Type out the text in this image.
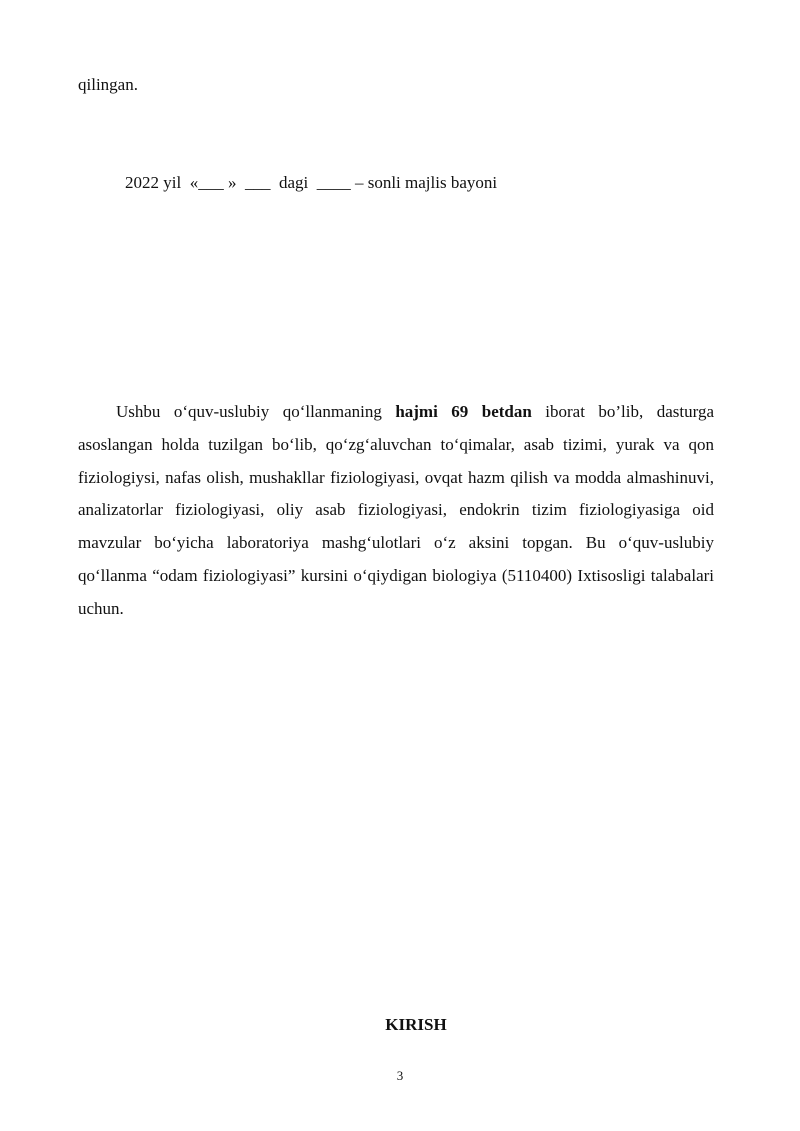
qilingan.
2022 yil  «___ »  ___  dagi  ____ – sonli majlis bayoni

Ushbu o‘quv-uslubiy qo‘llanmaning hajmi 69 betdan iborat bo’lib, dasturga asoslangan holda tuzilgan bo‘lib, qo‘zg‘aluvchan to‘qimalar, asab tizimi, yurak va qon fiziologiysi, nafas olish, mushakllar fiziologiyasi, ovqat hazm qilish va modda almashinuvi, analizatorlar fiziologiyasi, oliy asab fiziologiyasi, endokrin tizim fiziologiyasiga oid mavzular bo‘yicha laboratoriya mashg‘ulotlari o‘z aksini topgan. Bu o‘quv-uslubiy qo‘llanma “odam fiziologiyasi” kursini o‘qiydigan biologiya (5110400) Ixtisosligi talabalari uchun.

KIRISH
3
